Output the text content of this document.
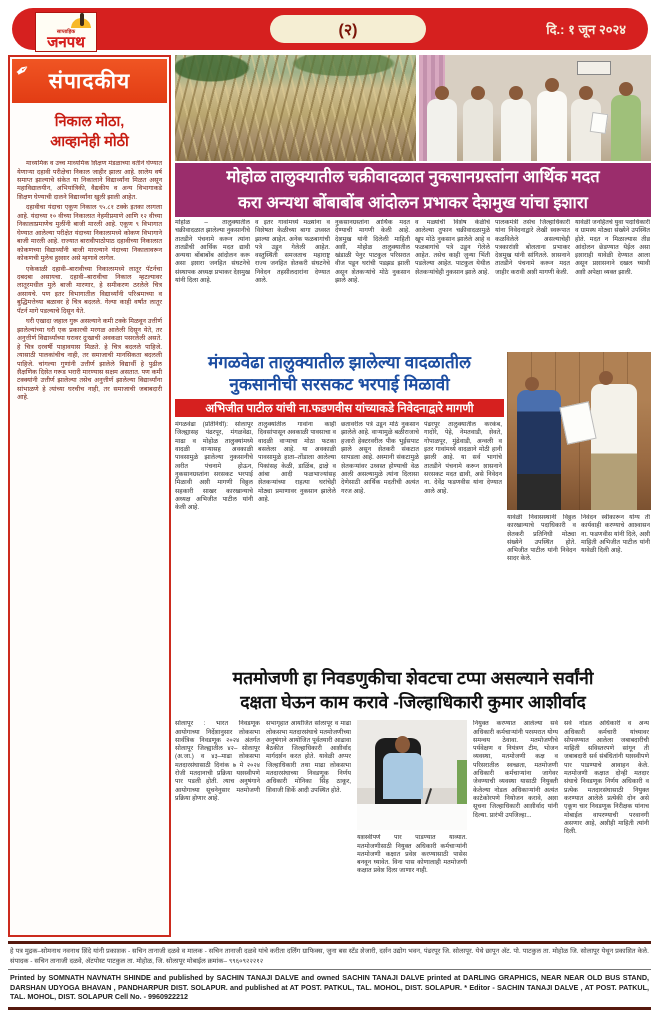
साप्ताहिक
जनपथ
(२)	दि.: १ जून २०२४
✒ संपादकीय
निकाल मोठा,
आव्हानेही मोठी

माध्यमिक व उच्च माध्यमिक शिक्षण मंडळाच्या वतीने घेण्यात येणाऱ्या दहावी परीक्षेचा निकाल जाहीर झाला आहे. शालेय वर्ष समाप्त झाल्याचे संकेत या निकालाने विद्यार्थ्यांना मिळत असून महाविद्यालयीन, अभियांत्रिकी, वैद्यकीय व अन्य विभागाकडे शिक्षण घेण्याची दालने विद्यार्थ्यांना खुली झाली आहेत.

दहावीचा यंदाचा एकूण निकाल ९५.८१ टक्के इतका लागला आहे. यंदाच्या १० वीच्या निकालात नेहमीप्रमाणे आणि १२ वीच्या निकालाप्रमाणेच मुलींनी बाजी मारली आहे. एकूण ९ विभागात घेण्यात आलेल्या परीक्षेत यंदाच्या निकालामध्ये कोकण विभागाने बाजी मारली आहे. राज्यात बारावीपाठोपाठ दहावीच्या निकालात कोकणच्या विद्यार्थ्यांनी बाजी मारल्याने यंदाच्या निकालावरून कोकणची मुलेच हुश्शार असे म्हणावे लागेल.

एकेकाळी दहावी–बारावीच्या निकालामध्ये लातूर पॅटर्नचा दबदबा असायचा. दहावी–बारावीचा निकाल म्हटल्यावर लातूरमधील मुले बाजी मारणार, हे समीकरण ठरलेले चित्र असायचे. पण इतर विभागातील विद्यार्थ्यांनी परिश्रमाच्या व बुद्धिमत्तेच्या बळावर हे चित्र बदलले. गेल्या काही वर्षांत लातूर पॅटर्न मागे पडल्याचे दिसून येते.

घरी एखादा जहाल गुरू असल्याने कमी टक्के मिळवून उत्तीर्ण झालेल्यांच्या घरी एक प्रकारची मरगळ आलेली दिसून येते, तर अनुत्तीर्ण विद्यार्थ्यांच्या घरावर दुःखाची अवकळा पसरलेली असते. हे चित्र दरवर्षी पाहावयास मिळते. हे चित्र बदलले पाहिजे. त्यासाठी पालकांचीच नाही, तर समाजाची मानसिकता बदलली पाहिजे. चांगल्या गुणांनी उत्तीर्ण झालेले विद्यार्थी हे पुढील शैक्षणिक दिशेत गरूड भरारी मारण्यास सक्षम असतात. पण कमी टक्क्यांनी उत्तीर्ण झालेल्या तसेच अनुत्तीर्ण झालेल्या विद्यार्थ्यांना सांभाळणे हे त्यांच्या घरचीच नाही, तर समाजाची जबाबदारी आहे.

मोहोळ तालुक्यातील चक्रीवादळात नुकसानग्रस्तांना आर्थिक मदत
करा अन्यथा बोंबाबोंब आंदोलन प्रभाकर देशमुख यांचा इशारा
मोहोळ – तालुक्यातील चक्रीवादळात झालेल्या नुकसानीचे तातडीने पंचनामे करून त्यांना तातडीची आर्थिक मदत द्यावी अन्यथा बोंबाबोंब आंदोलन करू असा इशारा जनहित संघटनेचे संस्थापक अध्यक्ष प्रभाकर देशमुख यांनी दिला आहे.
व इतर गावांमध्ये मळ्यांना व विशेषता केळीच्या बागा उध्वस्त झाल्या आहेत. अनेक फळबागांची पत्रे उडून गेलेली आहेत. वस्तुस्थिती समजताच महाराष्ट्र राज्य जनहित शेतकरी संघटनेचे निवेदन तहसीलदारांना देण्यात आले.
नुकसानग्रस्तांना आर्थिक मदत देण्याची मागणी केली आहे. देशमुख यांनी दिलेली माहिती अशी, मोहोळ तालुक्यातील खंडाळी पेनुर पाटकुल परिसरात वीज पडून घरांची पडझड झाली असून शेतकऱ्यांचे मोठे नुकसान झाले आहे.
व मळ्यांची विशेष केळीचे आलेल्या तुफान चक्रीवादळामुळे खूप मोठे नुकसान झालेले आहे व फळबागांचे पत्रे उडून गेलेले आहेत. तसेच काही जुन्या भिंती पडलेल्या आहेत. पाटकुल येथील शेतकऱ्यांचेही नुकसान झाले आहे.
पालकमंत्री तसेच जिल्हाधिकारी यांना निवेदनाद्वारे लेखी स्वरूपात कळविलेले असल्याचेही पत्रकारांशी बोलताना प्रभाकर देशमुख यांनी सांगितले. शासनाने तातडीने पंचनामे करून मदत जाहीर करावी अशी मागणी केली.
यावेळी जनहितचे युवा पदाधिकारी व ग्रामस्थ मोठ्या संख्येने उपस्थित होते. मदत न मिळाल्यास तीव्र आंदोलन छेडण्यात येईल असा इशाराही यावेळी देण्यात आला असून प्रशासनाने दखल घ्यावी अशी अपेक्षा व्यक्त झाली.
मंगळवेढा तालुक्यातील झालेल्या वादळातील
नुकसानीची सरसकट भरपाई मिळावी
अभिजीत पाटील यांची ना.फडणवीस यांच्याकडे निवेदनाद्वारे मागणी
मंगळवेढा (प्रतिनिधी): सोलापूर जिल्ह्यासह पंढरपूर, मंगळवेढा, माढा व मोहोळ तालुक्यांमध्ये वादळी वाऱ्यासह अवकाळी पावसामुळे झालेल्या नुकसानीचे त्वरीत पंचनामे होऊन, नुकसानग्रस्तांना सरसकट भरपाई मिळावी अशी मागणी विठ्ठल सहकारी साखर कारखान्याचे अध्यक्ष अभिजीत पाटील यांनी केली आहे.
तालुक्यांतील गावांना काही दिवसांपासून अवकाळी पावसाचा व वादळी वाऱ्याचा मोठा फटका बसलेला आहे. या अवकाळी पावसामुळे हाता–तोंडाला आलेल्या पिकांसह केळी, डाळिंब, द्राक्षे व आंबा आदी फळभाज्यांसह शेतकऱ्यांच्या राहत्या घरांचेही मोठ्या प्रमाणावर नुकसान झालेले आहे.
छतावरील पत्रे उडून मोठे नुकसान झालेले आहे. वाऱ्यामुळे बळीराजाचे हजारो हेक्टरवरील पीक भुईसपाट झाले असून शेतकरी संकटात सापडला आहे. अस्मानी संकटामुळे शेतकऱ्यांवर उध्वस्त होण्याची वेळ आली असल्यामुळे त्यांना दिलासा देणेसाठी आर्थिक मदतीची अत्यंत गरज आहे.
पंढरपूर तालुक्यातील करकंब, गादोरे, पेहे, नेमतवाडी, शेवते, गोपाळपूर, मुंढेवाडी, अन्वली व इतर गावांमध्ये वादळाने मोठी हानी झाली आहे. या सर्व भागांचे तातडीने पंचनामे करून शासनाने सरसकट मदत द्यावी, असे निवेदन ना. देवेंद्र फडणवीस यांना देण्यात आले आहे.
यावेळी निवासस्थानी विठ्ठल कारखान्याचे पदाधिकारी व शेतकरी प्रतिनिधी मोठ्या संख्येने उपस्थित होते. अभिजीत पाटील यांनी निवेदन सादर केले.
निवेदन स्वीकारून योग्य ती कार्यवाही करण्याचे आश्वासन ना. फडणवीस यांनी दिले, अशी माहिती अभिजीत पाटील यांनी यावेळी दिली आहे.
मतमोजणी हा निवडणुकीचा शेवटचा टप्पा असल्याने सर्वांनी
दक्षता घेऊन काम करावे -जिल्हाधिकारी कुमार आशीर्वाद
सोलापूर : भारत निवडणूक आयोगाच्या निर्देशानुसार लोकसभा सार्वत्रिक निवडणूक २०२४ अंतर्गत सोलापूर जिल्ह्यातील ४२– सोलापूर (अ.जा.) व ४३–माढा लोकसभा मतदारसंघासाठी दिनांक ७ मे २०२४ रोजी मतदानाची प्रक्रिया यशस्वीपणे पार पडली होती. त्याच अनुषंगाने आयोगाच्या सूचनेनुसार मतमोजणी प्रक्रिया होणार आहे.
सभागृहात आयोजित सोलापूर व माढा लोकसभा मतदारसंघाचे मतमोजणीच्या अनुषंगाने आयोजित पूर्वतयारी आढावा बैठकीत जिल्हाधिकारी आशीर्वाद मार्गदर्शन करत होते. यावेळी अप्पर जिल्हाधिकारी तथा माढा लोकसभा मतदारसंघाच्या निवडणूक निर्णय अधिकारी मोनिका सिंह ठाकूर, शिवाजी शिर्के आदी उपस्थित होते.
यशस्वीपणे पार पाडण्यात याव्यात. मतमोजणीसाठी नियुक्त अधिकारी कर्मचाऱ्यांनी मतमोजणी कक्षात प्रवेश करण्यासाठी पासेस बनवून घ्यावेत. विना पास कोणालाही मतमोजणी कक्षात प्रवेश दिला जाणार नाही.
नियुक्त करण्यात आलेल्या सर्व अधिकारी कर्मचाऱ्यांनी परस्परात योग्य समन्वय ठेवावा. मतमोजणीचे पर्यवेक्षण व नियंत्रण टीम, भोजन व्यवस्था, मतमोजणी कक्ष व परिसरातील स्वच्छता, मतमोजणी अधिकारी कर्मचाऱ्यांना जागेवर जेवण्याची व्यवस्था यासाठी नियुक्ती केलेल्या नोडल अधिकाऱ्यांनी अत्यंत काटेकोरपणे नियोजन करावे, अशा सूचना जिल्हाधिकारी आशीर्वाद यांनी दिल्या. प्रारंभी उपजिल्हा...
सर्व नोडल अधिकारी व अन्य अधिकारी कर्मचारी यांच्यावर सोपवण्यात आलेला जबाबदारीची माहिती सविस्तरपणे सांगून ती जबाबदारी सर्व संबंधितांनी यशस्वीपणे पार पाडण्याचे आवाहन केले. मतमोजणी कक्षात दोन्ही मतदार संघाचे निवडणूक निर्णय अधिकारी व प्रत्येक मतदारसंघासाठी नियुक्त करण्यात आलेले प्रत्येकी दोन असे एकूण चार निवडणूक निरीक्षक यांनाच मोबाईल वापरण्याची परवानगी असणार आहे, अशीही माहिती त्यांनी दिली.
हे पत्र मुद्रक–सोमनाथ नवनाथ शिंदे यांनी प्रकाशक - सचिन तानाजी दळवे व मालक - सचिन तानाजी दळवे यांचे करीता दर्लिंग ग्राफिक्स, जुना बस स्टँड शेजारी, दर्शन उद्योग भवन, पंढरपूर जि. सोलापूर. येथे छापून ॲट. पो. पाटकुल ता. मोहोळ जि. सोलापूर येथून प्रकाशित केले. संपादक - सचिन तानाजी दळवे, ॲटपोस्ट पाटकुल ता. मोहोळ, जि. सोलापूर मोबाईल क्रमांक– ९९६०९२२२१२
Printed by SOMNATH NAVNATH SHINDE and published by SACHIN TANAJI DALVE and owned SACHIN TANAJI DALVE printed at DARLING GRAPHICS, NEAR NEAR OLD BUS STAND, DARSHAN UDYOGA BHAVAN , PANDHARPUR DIST. SOLAPUR. and published at AT POST. PATKUL, TAL. MOHOL, DIST. SOLAPUR. * Editor - SACHIN TANAJI DALVE , AT POST. PATKUL, TAL. MOHOL, DIST. SOLAPUR Cell No. - 9960922212
